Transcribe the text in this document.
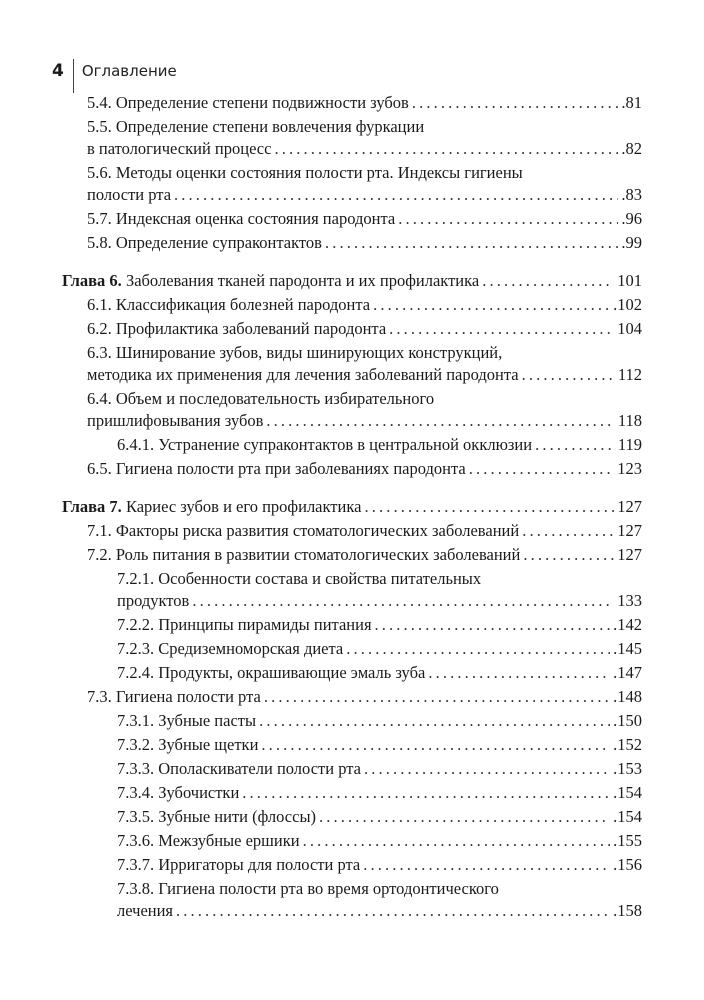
4 Оглавление
5.4. Определение степени подвижности зубов . . .	.81
5.5. Определение степени вовлечения фуркации
в патологический процесс . . .	.82
5.6. Методы оценки состояния полости рта. Индексы гигиены
полости рта . . .	.83
5.7. Индексная оценка состояния пародонта . . .	.96
5.8. Определение супраконтактов . . .	.99
Глава 6. Заболевания тканей пародонта и их профилактика . . .	101
6.1. Классификация болезней пародонта . . .	.102
6.2. Профилактика заболеваний пародонта . . .	104
6.3. Шинирование зубов, виды шинирующих конструкций,
методика их применения для лечения заболеваний пародонта . . .	112
6.4. Объем и последовательность избирательного
пришлифовывания зубов . . .	118
6.4.1. Устранение супраконтактов в центральной окклюзии . . .	119
6.5. Гигиена полости рта при заболеваниях пародонта . . .	123
Глава 7. Кариес зубов и его профилактика . . .	127
7.1. Факторы риска развития стоматологических заболеваний . . .	127
7.2. Роль питания в развитии стоматологических заболеваний . . .	127
7.2.1. Особенности состава и свойства питательных
продуктов . . .	133
7.2.2. Принципы пирамиды питания . . .	.142
7.2.3. Средиземноморская диета . . .	.145
7.2.4. Продукты, окрашивающие эмаль зуба . . .	.147
7.3. Гигиена полости рта . . .	.148
7.3.1. Зубные пасты . . .	.150
7.3.2. Зубные щетки . . .	.152
7.3.3. Ополаскиватели полости рта . . .	.153
7.3.4. Зубочистки . . .	.154
7.3.5. Зубные нити (флоссы) . . .	.154
7.3.6. Межзубные ершики . . .	.155
7.3.7. Ирригаторы для полости рта . . .	.156
7.3.8. Гигиена полости рта во время ортодонтического
лечения . . .	.158
